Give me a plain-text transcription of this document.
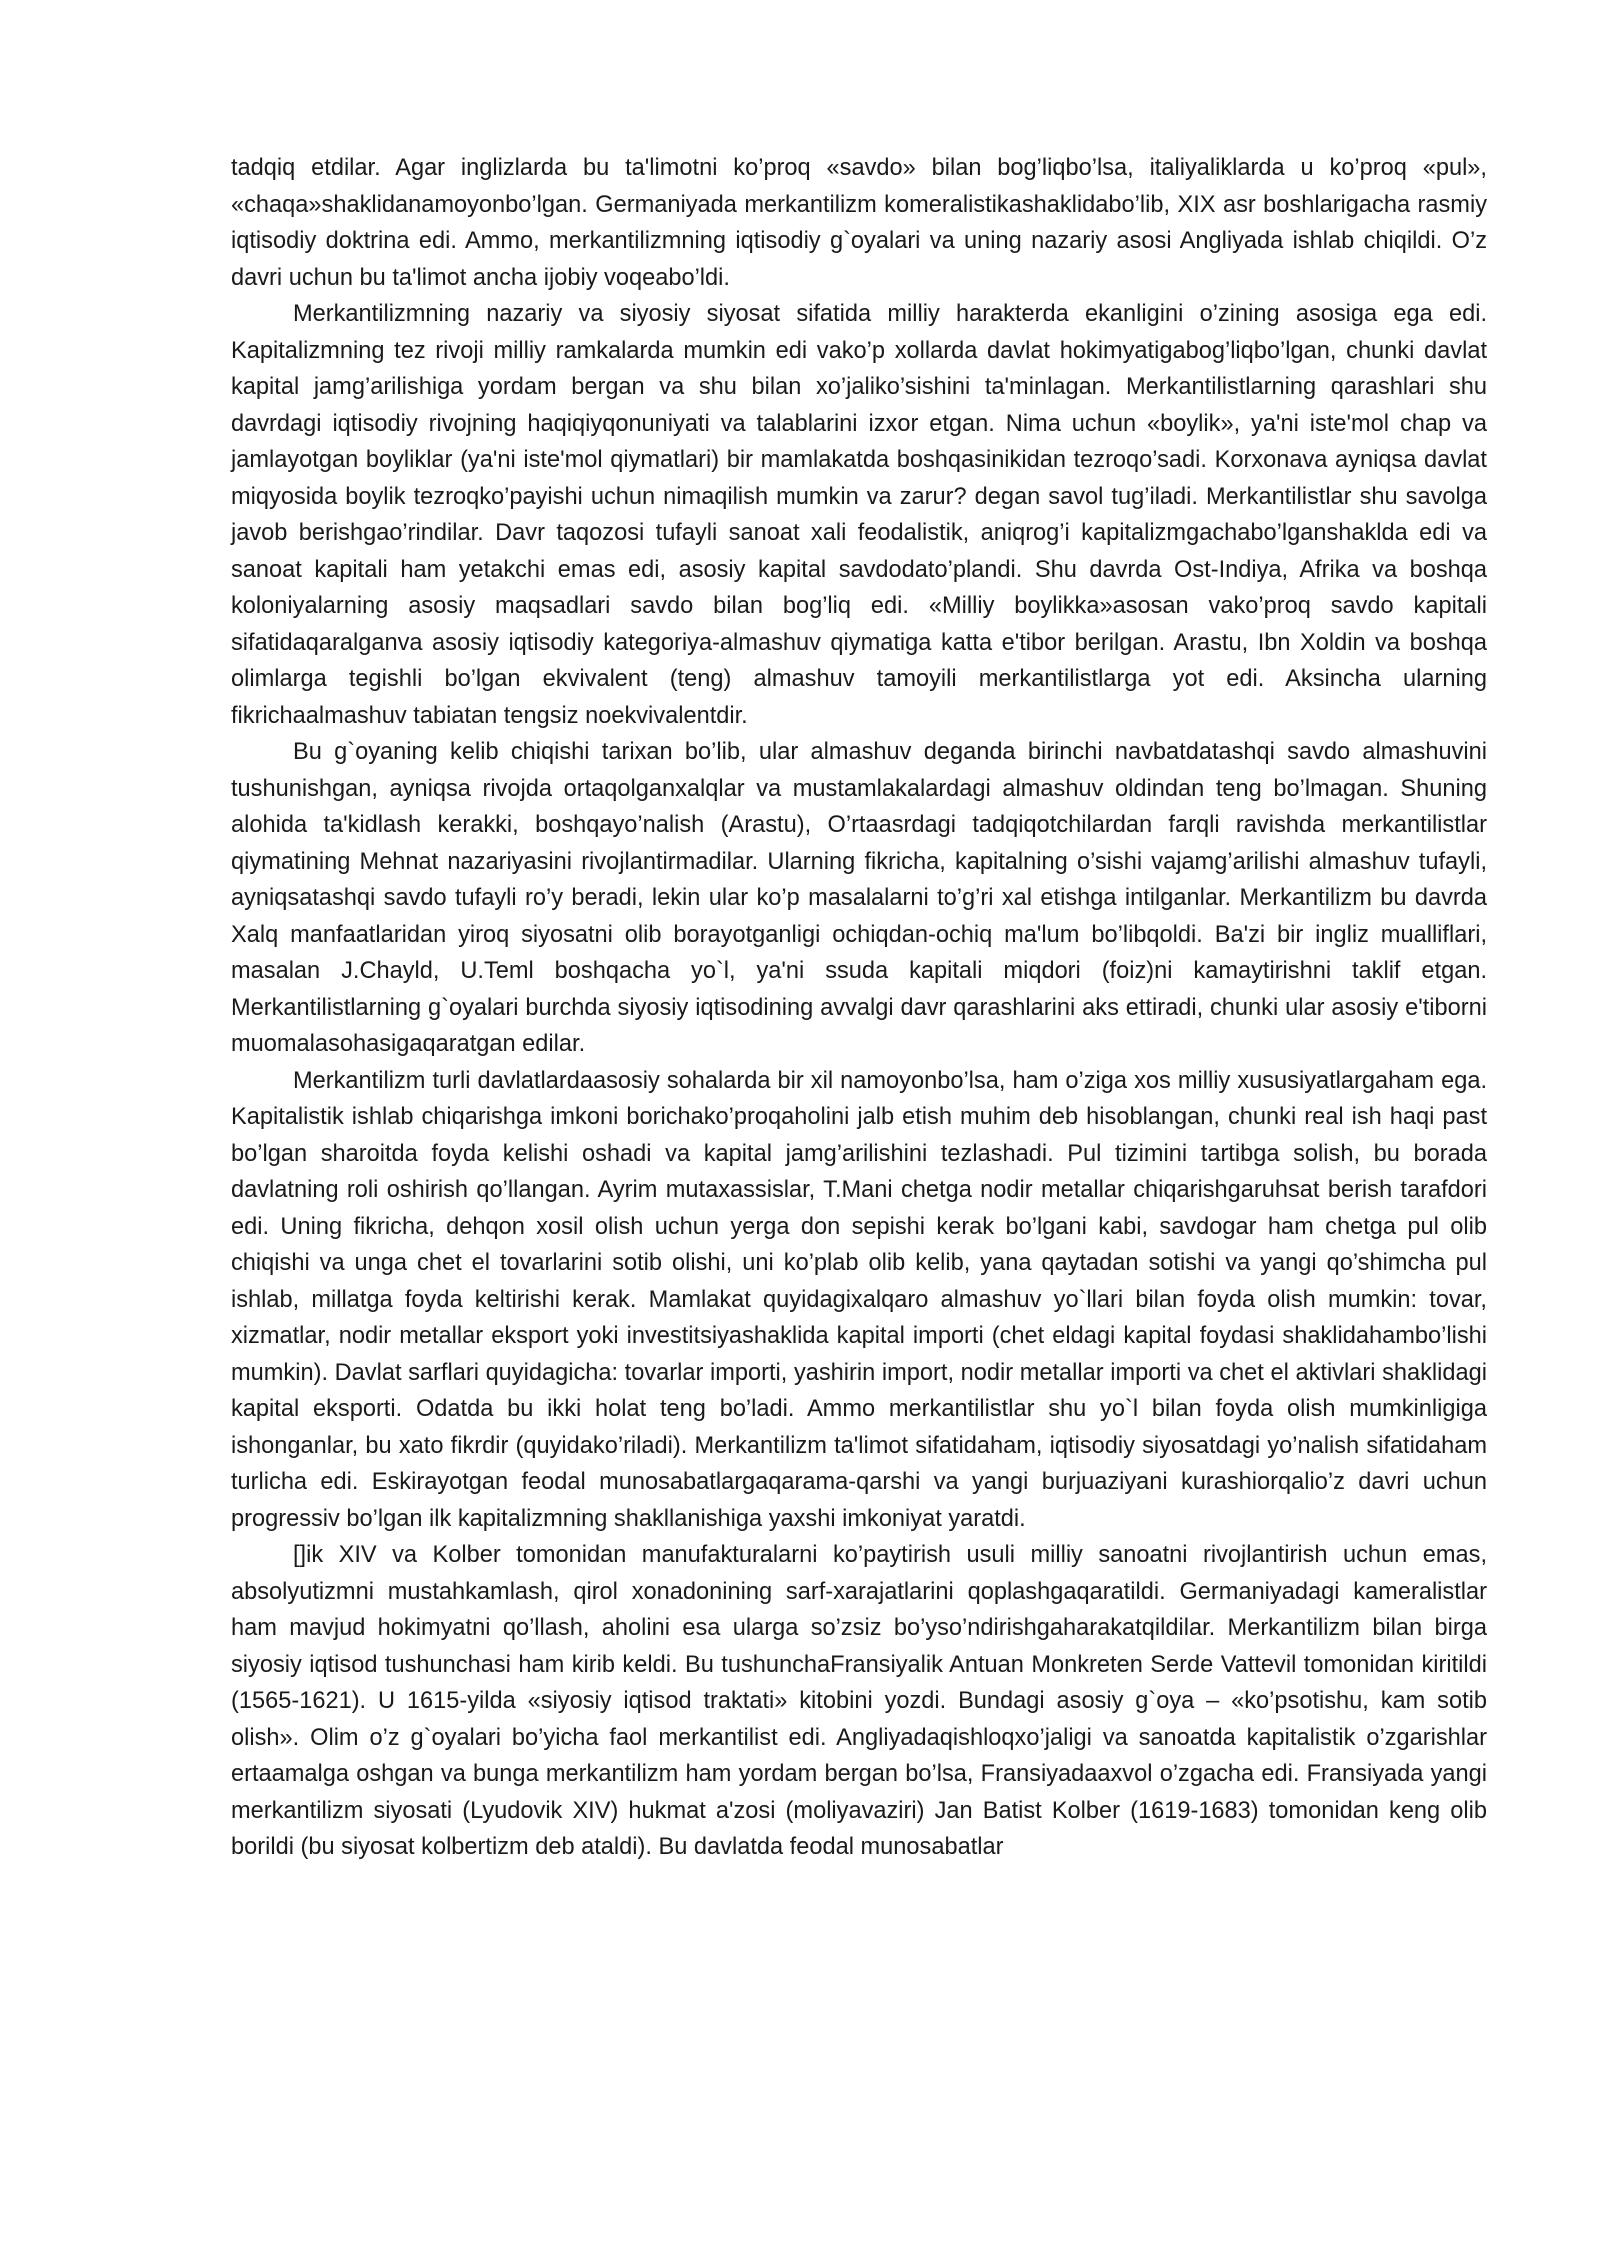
tadqiq etdilar. Agar inglizlarda bu ta'limotni ko’proq «savdo» bilan bog’liqbo’lsa, italiyaliklarda u ko’proq «pul», «chaqa»shaklidanamoyonbo’lgan. Germaniyada merkantilizm komeralistikashaklidabo’lib, XIX asr boshlarigacha rasmiy iqtisodiy doktrina edi. Ammo, merkantilizmning iqtisodiy g`oyalari va uning nazariy asosi Angliyada ishlab chiqildi. O’z davri uchun bu ta'limot ancha ijobiy voqeabo’ldi.

Merkantilizmning nazariy va siyosiy siyosat sifatida milliy harakterda ekanligini o’zining asosiga ega edi. Kapitalizmning tez rivoji milliy ramkalarda mumkin edi vako’p xollarda davlat hokimyatigabog’liqbo’lgan, chunki davlat kapital jamg’arilishiga yordam bergan va shu bilan xo’jaliko’sishini ta'minlagan. Merkantilistlarning qarashlari shu davrdagi iqtisodiy rivojning haqiqiyqonuniyati va talablarini izxor etgan. Nima uchun «boylik», ya'ni iste'mol chap va jamlayotgan boyliklar (ya'ni iste'mol qiymatlari) bir mamlakatda boshqasinikidan tezroqo’sadi. Korxonava ayniqsa davlat miqyosida boylik tezroqko’payishi uchun nimaqilish mumkin va zarur? degan savol tug’iladi. Merkantilistlar shu savolga javob berishgao’rindilar. Davr taqozosi tufayli sanoat xali feodalistik, aniqrog’i kapitalizmgachabo’lganshaklda edi va sanoat kapitali ham yetakchi emas edi, asosiy kapital savdodato’plandi. Shu davrda Ost-Indiya, Afrika va boshqa koloniyalarning asosiy maqsadlari savdo bilan bog’liq edi. «Milliy boylikka»asosan vako’proq savdo kapitali sifatidaqaralganva asosiy iqtisodiy kategoriya-almashuv qiymatiga katta e'tibor berilgan. Arastu, Ibn Xoldin va boshqa olimlarga tegishli bo’lgan ekvivalent (teng) almashuv tamoyili merkantilistlarga yot edi. Aksincha ularning fikrichaalmashuv tabiatan tengsiz noekvivalentdir.

Bu g`oyaning kelib chiqishi tarixan bo’lib, ular almashuv deganda birinchi navbatdatashqi savdo almashuvini tushunishgan, ayniqsa rivojda ortaqolganxalqlar va mustamlakalardagi almashuv oldindan teng bo’lmagan. Shuning alohida ta'kidlash kerakki, boshqayo’nalish (Arastu), O’rtaasrdagi tadqiqotchilardan farqli ravishda merkantilistlar qiymatining Mehnat nazariyasini rivojlantirmadilar. Ularning fikricha, kapitalning o’sishi vajamg’arilishi almashuv tufayli, ayniqsatashqi savdo tufayli ro’y beradi, lekin ular ko’p masalalarni to’g’ri xal etishga intilganlar. Merkantilizm bu davrda Xalq manfaatlaridan yiroq siyosatni olib borayotganligi ochiqdan-ochiq ma'lum bo’libqoldi. Ba'zi bir ingliz mualliflari, masalan J.Chayld, U.Teml boshqacha yo`l, ya'ni ssuda kapitali miqdori (foiz)ni kamaytirishni taklif etgan. Merkantilistlarning g`oyalari burchda siyosiy iqtisodining avvalgi davr qarashlarini aks ettiradi, chunki ular asosiy e'tiborni muomalasohasigaqaratgan edilar.

Merkantilizm turli davlatlardaasosiy sohalarda bir xil namoyonbo’lsa, ham o’ziga xos milliy xususiyatlargaham ega. Kapitalistik ishlab chiqarishga imkoni borichako’proqaholini jalb etish muhim deb hisoblangan, chunki real ish haqi past bo’lgan sharoitda foyda kelishi oshadi va kapital jamg’arilishini tezlashadi. Pul tizimini tartibga solish, bu borada davlatning roli oshirish qo’llangan. Ayrim mutaxassislar, T.Mani chetga nodir metallar chiqarishgaruhsat berish tarafdori edi. Uning fikricha, dehqon xosil olish uchun yerga don sepishi kerak bo’lgani kabi, savdogar ham chetga pul olib chiqishi va unga chet el tovarlarini sotib olishi, uni ko’plab olib kelib, yana qaytadan sotishi va yangi qo’shimcha pul ishlab, millatga foyda keltirishi kerak. Mamlakat quyidagixalqaro almashuv yo`llari bilan foyda olish mumkin: tovar, xizmatlar, nodir metallar eksport yoki investitsiyashaklida kapital importi (chet eldagi kapital foydasi shaklidahambo’lishi mumkin). Davlat sarflari quyidagicha: tovarlar importi, yashirin import, nodir metallar importi va chet el aktivlari shaklidagi kapital eksporti. Odatda bu ikki holat teng bo’ladi. Ammo merkantilistlar shu yo`l bilan foyda olish mumkinligiga ishonganlar, bu xato fikrdir (quyidako’riladi). Merkantilizm ta'limot sifatidaham, iqtisodiy siyosatdagi yo’nalish sifatidaham turlicha edi. Eskirayotgan feodal munosabatlargaqarama-qarshi va yangi burjuaziyani kurashiorqalio’z davri uchun progressiv bo’lgan ilk kapitalizmning shakllanishiga yaxshi imkoniyat yaratdi.

[]ik XIV va Kolber tomonidan manufakturalarni ko’paytirish usuli milliy sanoatni rivojlantirish uchun emas, absolyutizmni mustahkamlash, qirol xonadonining sarf-xarajatlarini qoplashgaqaratildi. Germaniyadagi kameralistlar ham mavjud hokimyatni qo’llash, aholini esa ularga so’zsiz bo’yso’ndirishgaharakatqildilar. Merkantilizm bilan birga siyosiy iqtisod tushunchasi ham kirib keldi. Bu tushunchaFransiyalik Antuan Monkreten Serde Vattevil tomonidan kiritildi (1565-1621). U 1615-yilda «siyosiy iqtisod traktati» kitobini yozdi. Bundagi asosiy g`oya – «ko’psotishu, kam sotib olish». Olim o’z g`oyalari bo’yicha faol merkantilist edi. Angliyadaqishloqxo’jaligi va sanoatda kapitalistik o’zgarishlar ertaamalga oshgan va bunga merkantilizm ham yordam bergan bo’lsa, Fransiyadaaxvol o’zgacha edi. Fransiyada yangi merkantilizm siyosati (Lyudovik XIV) hukmat a'zosi (moliyavaziri) Jan Batist Kolber (1619-1683) tomonidan keng olib borildi (bu siyosat kolbertizm deb ataldi). Bu davlatda feodal munosabatlar
